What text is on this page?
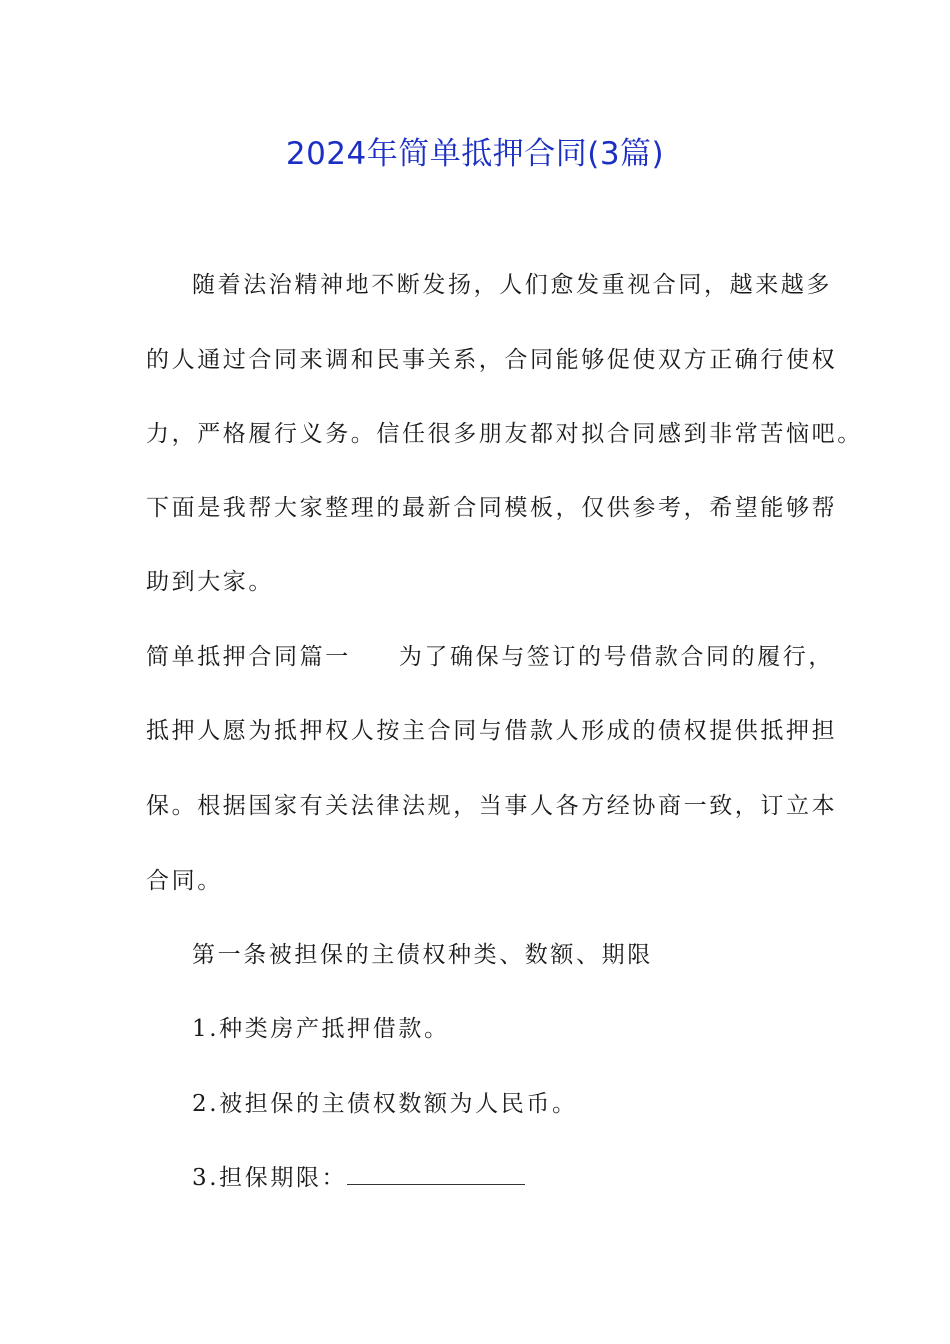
2024年简单抵押合同(3篇)
随着法治精神地不断发扬，人们愈发重视合同，越来越多
的人通过合同来调和民事关系，合同能够促使双方正确行使权
力，严格履行义务。信任很多朋友都对拟合同感到非常苦恼吧。
下面是我帮大家整理的最新合同模板，仅供参考，希望能够帮
助到大家。
简单抵押合同篇一 为了确保与签订的号借款合同的履行，
抵押人愿为抵押权人按主合同与借款人形成的债权提供抵押担
保。根据国家有关法律法规，当事人各方经协商一致，订立本
合同。
第一条被担保的主债权种类、数额、期限
1.种类房产抵押借款。
2.被担保的主债权数额为人民币。
3.担保期限：
